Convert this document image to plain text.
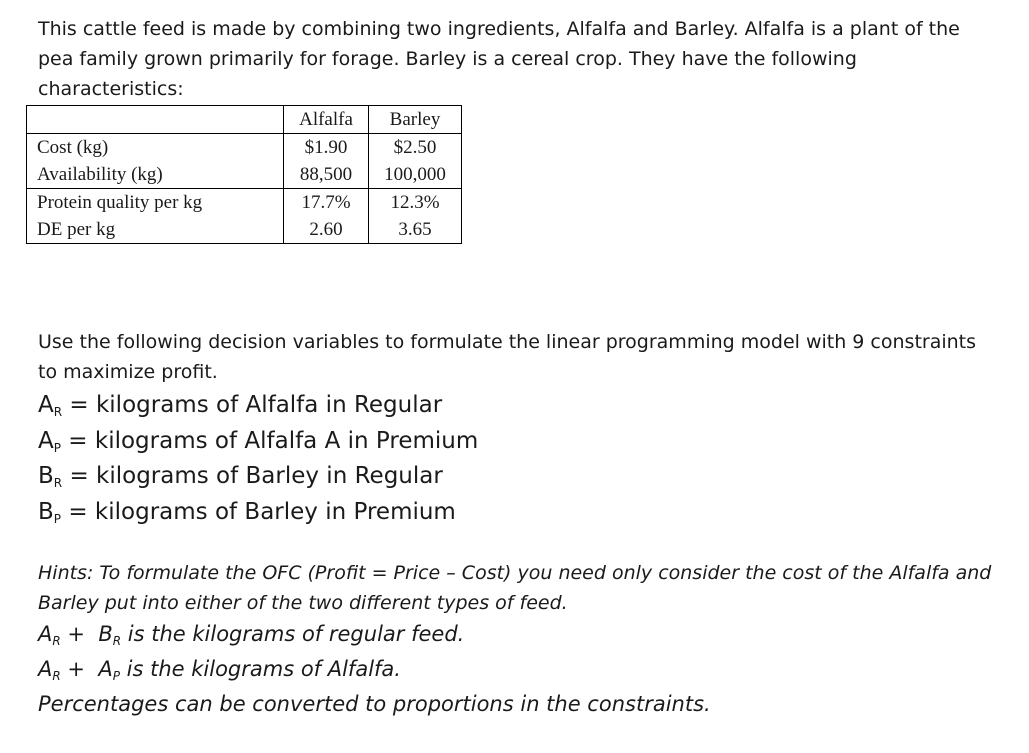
This cattle feed is made by combining two ingredients, Alfalfa and Barley. Alfalfa is a plant of the pea family grown primarily for forage. Barley is a cereal crop. They have the following characteristics:

	Alfalfa	Barley
Cost (kg)	$1.90	$2.50
Availability (kg)	88,500	100,000

Protein quality per kg	17.7%	12.3%
DE per kg	2.60	3.65

Use the following decision variables to formulate the linear programming model with 9 constraints to maximize profit.

AR = kilograms of Alfalfa in Regular
AP = kilograms of Alfalfa A in Premium
BR = kilograms of Barley in Regular
BP = kilograms of Barley in Premium

Hints: To formulate the OFC (Profit = Price – Cost) you need only consider the cost of the Alfalfa and Barley put into either of the two different types of feed.

AR +  BR is the kilograms of regular feed.

AR +  AP is the kilograms of Alfalfa.

Percentages can be converted to proportions in the constraints.
